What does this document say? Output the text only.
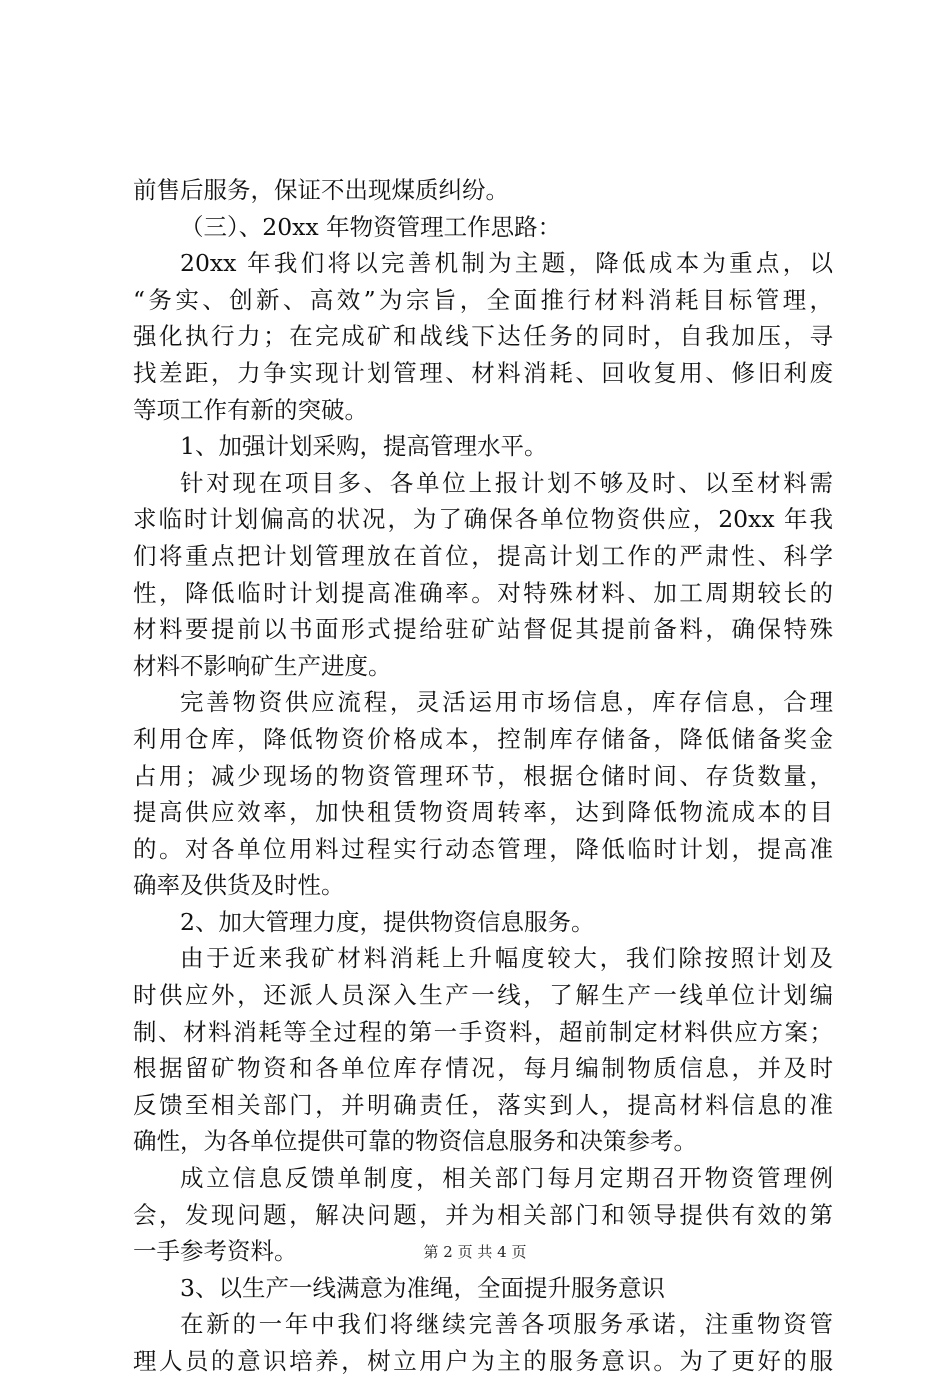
前售后服务，保证不出现煤质纠纷。
（三）、20xx 年物资管理工作思路：
20xx 年我们将以完善机制为主题，降低成本为重点，以
“务实、创新、高效”为宗旨，全面推行材料消耗目标管理，
强化执行力；在完成矿和战线下达任务的同时，自我加压，寻
找差距，力争实现计划管理、材料消耗、回收复用、修旧利废
等项工作有新的突破。
1、加强计划采购，提高管理水平。
针对现在项目多、各单位上报计划不够及时、以至材料需
求临时计划偏高的状况，为了确保各单位物资供应，20xx 年我
们将重点把计划管理放在首位，提高计划工作的严肃性、科学
性，降低临时计划提高准确率。对特殊材料、加工周期较长的
材料要提前以书面形式提给驻矿站督促其提前备料，确保特殊
材料不影响矿生产进度。
完善物资供应流程，灵活运用市场信息，库存信息，合理
利用仓库，降低物资价格成本，控制库存储备，降低储备奖金
占用；减少现场的物资管理环节，根据仓储时间、存货数量，
提高供应效率，加快租赁物资周转率，达到降低物流成本的目
的。对各单位用料过程实行动态管理，降低临时计划，提高准
确率及供货及时性。
2、加大管理力度，提供物资信息服务。
由于近来我矿材料消耗上升幅度较大，我们除按照计划及
时供应外，还派人员深入生产一线，了解生产一线单位计划编
制、材料消耗等全过程的第一手资料，超前制定材料供应方案；
根据留矿物资和各单位库存情况，每月编制物质信息，并及时
反馈至相关部门，并明确责任，落实到人，提高材料信息的准
确性，为各单位提供可靠的物资信息服务和决策参考。
成立信息反馈单制度，相关部门每月定期召开物资管理例
会，发现问题，解决问题，并为相关部门和领导提供有效的第
一手参考资料。
3、以生产一线满意为准绳，全面提升服务意识
在新的一年中我们将继续完善各项服务承诺，注重物资管
理人员的意识培养，树立用户为主的服务意识。为了更好的服
第 2 页 共 4 页
